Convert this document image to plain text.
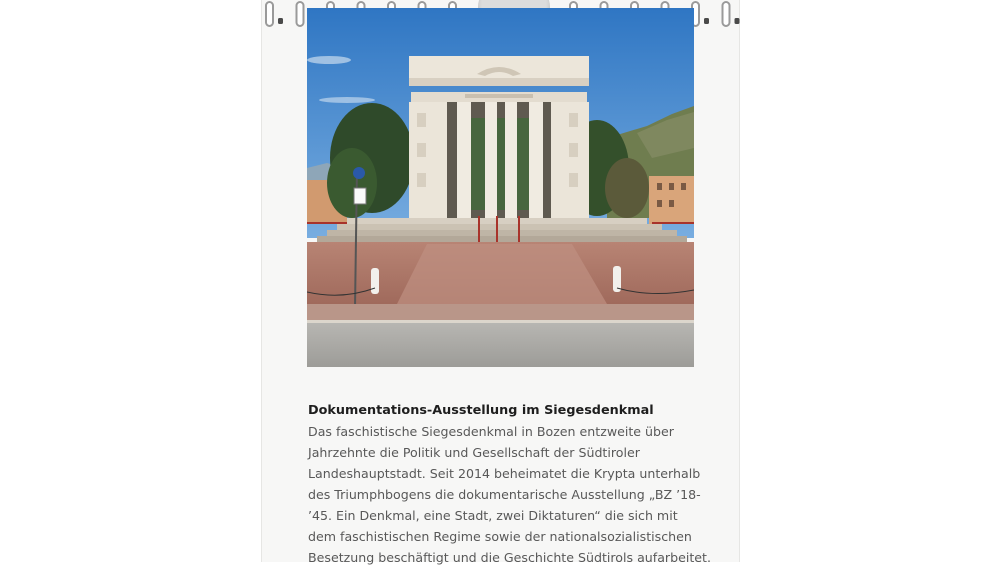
Dokumentations-Ausstellung im Siegesdenkmal
Das faschistische Siegesdenkmal in Bozen entzweite über
Jahrzehnte die Politik und Gesellschaft der Südtiroler
Landeshauptstadt. Seit 2014 beheimatet die Krypta unterhalb
des Triumphbogens die dokumentarische Ausstellung „BZ ’18-
’45. Ein Denkmal, eine Stadt, zwei Diktaturen“ die sich mit
dem faschistischen Regime sowie der nationalsozialistischen
Besetzung beschäftigt und die Geschichte Südtirols aufarbeitet.
